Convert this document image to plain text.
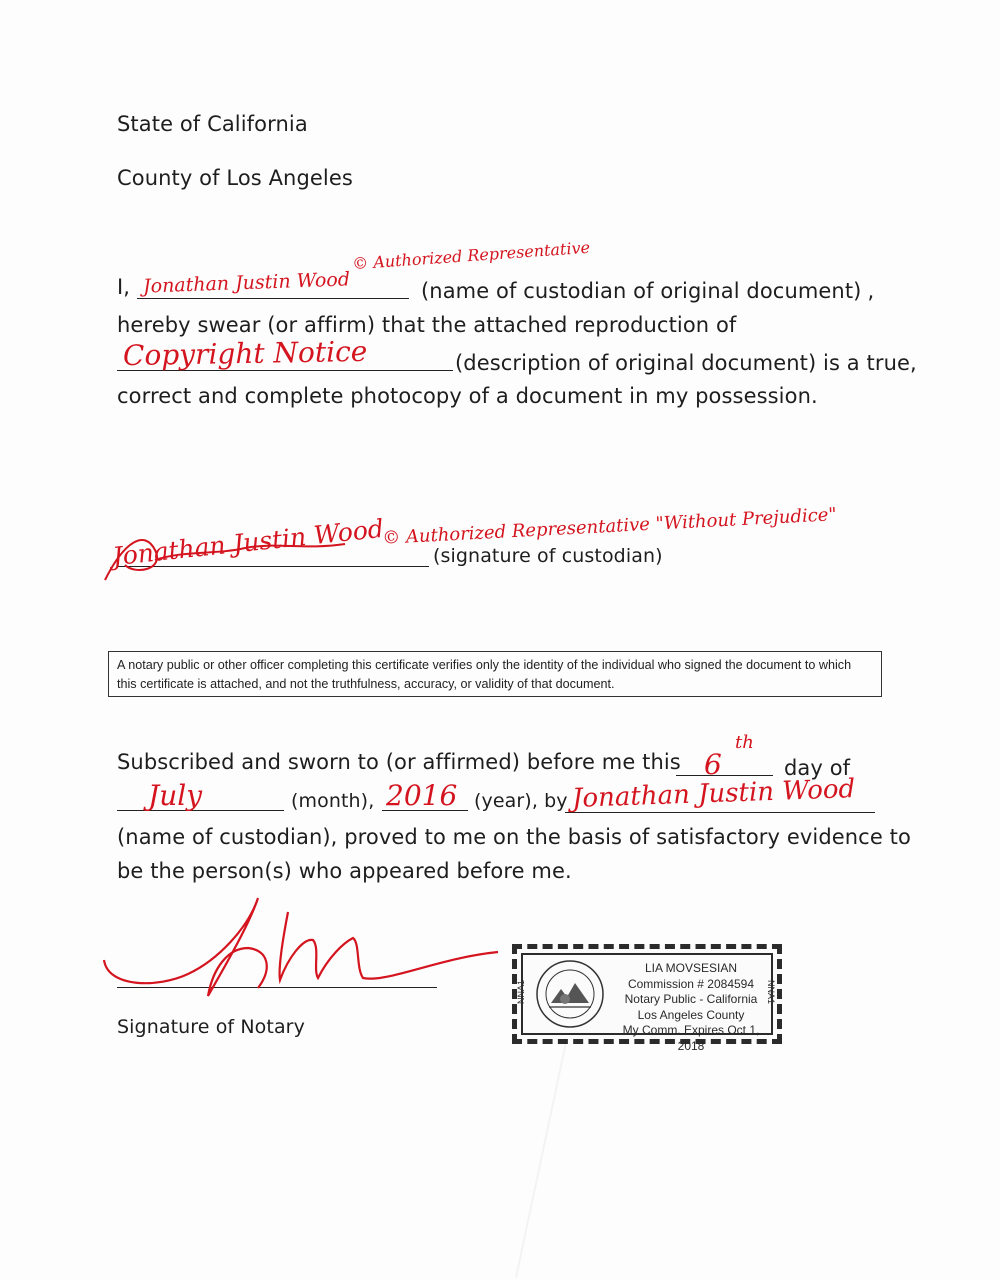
State of California
County of Los Angeles
I, Jonathan Justin Wood
© Authorized Representative
(name of custodian of original document) ,
hereby swear (or affirm) that the attached reproduction of
Copyright Notice	(description of original document) is a true,
correct and complete photocopy of a document in my possession.
Jonathan Justin Wood
© Authorized Representative "Without Prejudice"
(signature of custodian)
A notary public or other officer completing this certificate verifies only the identity of the individual who signed the document to which this certificate is attached, and not the truthfulness, accuracy, or validity of that document.
Subscribed and sworn to (or affirmed) before me this 6
th
day of
July	(month), 2016 (year), by Jonathan Justin Wood
(name of custodian), proved to me on the basis of satisfactory evidence to
be the person(s) who appeared before me.
Signature of Notary
LIA MOVSESIAN
Commission # 2084594
Notary Public - California
Los Angeles County
My Comm. Expires Oct 1, 2018
NNA1	NNA1
